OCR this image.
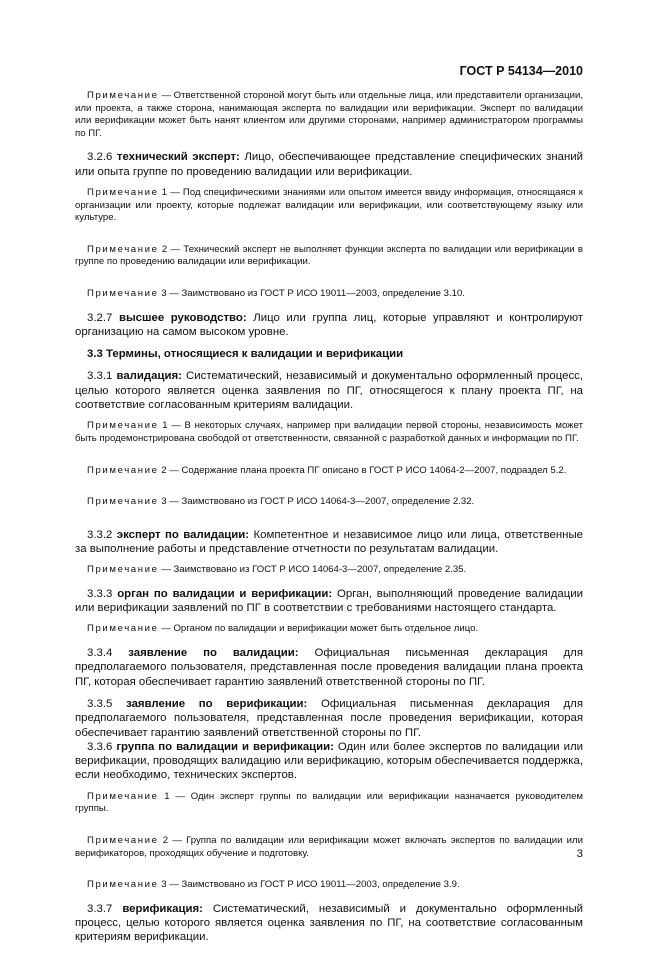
ГОСТ Р 54134—2010

Примечание — Ответственной стороной могут быть или отдельные лица, или представители организации, или проекта, а также сторона, нанимающая эксперта по валидации или верификации. Эксперт по валидации или верификации может быть нанят клиентом или другими сторонами, например администратором программы по ПГ.

3.2.6 технический эксперт: Лицо, обеспечивающее представление специфических знаний или опыта группе по проведению валидации или верификации.

Примечание 1 — Под специфическими знаниями или опытом имеется ввиду информация, относящаяся к организации или проекту, которые подлежат валидации или верификации, или соответствующему языку или культуре.

Примечание 2 — Технический эксперт не выполняет функции эксперта по валидации или верификации в группе по проведению валидации или верификации.

Примечание 3 — Заимствовано из ГОСТ Р ИСО 19011—2003, определение 3.10.

3.2.7 высшее руководство: Лицо или группа лиц, которые управляют и контролируют организацию на самом высоком уровне.

3.3 Термины, относящиеся к валидации и верификации

3.3.1 валидация: Систематический, независимый и документально оформленный процесс, целью которого является оценка заявления по ПГ, относящегося к плану проекта ПГ, на соответствие согласованным критериям валидации.

Примечание 1 — В некоторых случаях, например при валидации первой стороны, независимость может быть продемонстрирована свободой от ответственности, связанной с разработкой данных и информации по ПГ.

Примечание 2 — Содержание плана проекта ПГ описано в ГОСТ Р ИСО 14064-2—2007, подраздел 5.2.

Примечание 3 — Заимствовано из ГОСТ Р ИСО 14064-3—2007, определение 2.32.

3.3.2 эксперт по валидации: Компетентное и независимое лицо или лица, ответственные за выполнение работы и представление отчетности по результатам валидации.

Примечание — Заимствовано из ГОСТ Р ИСО 14064-3—2007, определение 2.35.

3.3.3 орган по валидации и верификации: Орган, выполняющий проведение валидации или верификации заявлений по ПГ в соответствии с требованиями настоящего стандарта.

Примечание — Органом по валидации и верификации может быть отдельное лицо.

3.3.4 заявление по валидации: Официальная письменная декларация для предполагаемого пользователя, представленная после проведения валидации плана проекта ПГ, которая обеспечивает гарантию заявлений ответственной стороны по ПГ.

3.3.5 заявление по верификации: Официальная письменная декларация для предполагаемого пользователя, представленная после проведения верификации, которая обеспечивает гарантию заявлений ответственной стороны по ПГ.

3.3.6 группа по валидации и верификации: Один или более экспертов по валидации или верификации, проводящих валидацию или верификацию, которым обеспечивается поддержка, если необходимо, технических экспертов.

Примечание 1 — Один эксперт группы по валидации или верификации назначается руководителем группы.

Примечание 2 — Группа по валидации или верификации может включать экспертов по валидации или верификаторов, проходящих обучение и подготовку.

Примечание 3 — Заимствовано из ГОСТ Р ИСО 19011—2003, определение 3.9.

3.3.7 верификация: Систематический, независимый и документально оформленный процесс, целью которого является оценка заявления по ПГ, на соответствие согласованным критериям верификации.

3
